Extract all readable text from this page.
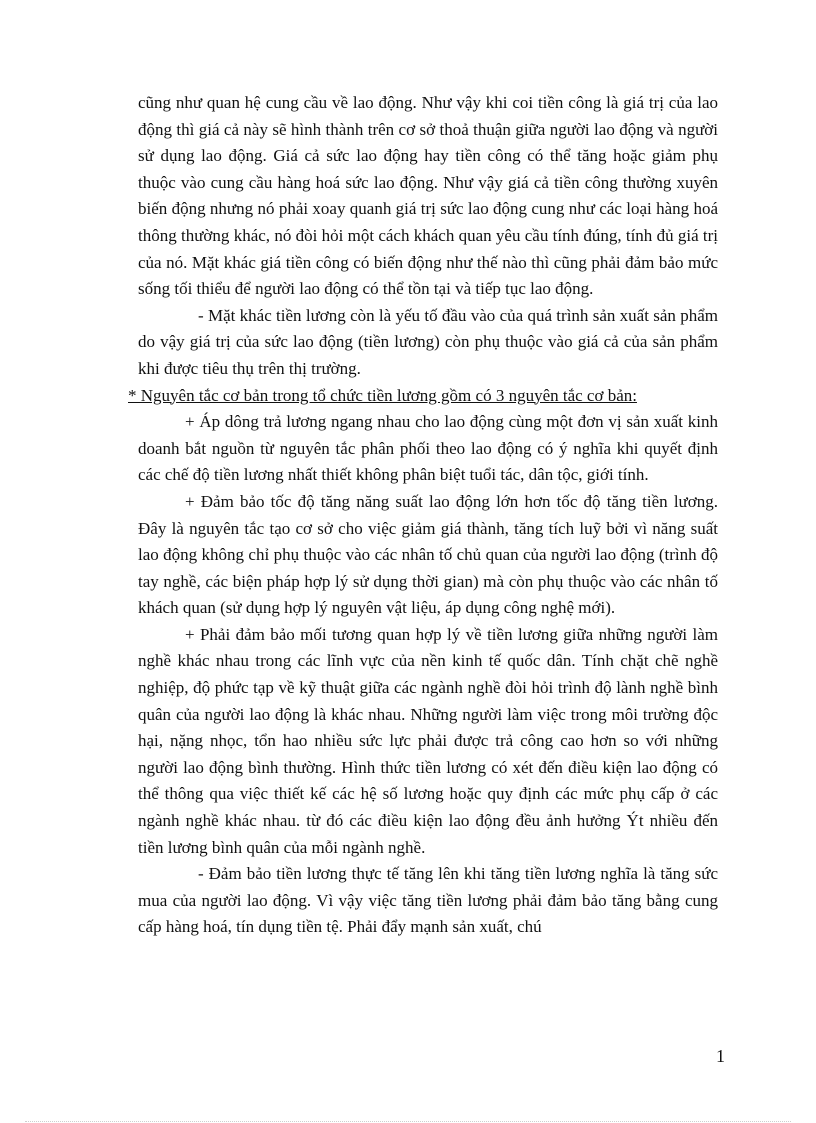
cũng như quan hệ cung cầu về lao động. Như vậy khi coi tiền công là giá trị của lao động thì giá cả này sẽ hình thành trên cơ sở thoả thuận giữa người lao động và người sử dụng lao động. Giá cả sức lao động hay tiền công có thể tăng hoặc giảm phụ thuộc vào cung cầu hàng hoá sức lao động. Như vậy giá cả tiền công thường xuyên biến động nhưng nó phải xoay quanh giá trị sức lao động cung như các loại hàng hoá thông thường khác, nó đòi hỏi một cách khách quan yêu cầu tính đúng, tính đủ giá trị của nó. Mặt khác giá tiền công có biến động như thế nào thì cũng phải đảm bảo mức sống tối thiểu để người lao động có thể tồn tại và tiếp tục lao động.

- Mặt khác tiền lương còn là yếu tố đầu vào của quá trình sản xuất sản phẩm do vậy giá trị của sức lao động (tiền lương) còn phụ thuộc vào giá cả của sản phẩm khi được tiêu thụ trên thị trường.

* Nguyên tắc cơ bản trong tổ chức tiền lương gồm có 3 nguyên tắc cơ bản:

+ Áp dông trả lương ngang nhau cho lao động cùng một đơn vị sản xuất kinh doanh bắt nguồn từ nguyên tắc phân phối theo lao động có ý nghĩa khi quyết định các chế độ tiền lương nhất thiết không phân biệt tuổi tác, dân tộc, giới tính.

+ Đảm bảo tốc độ tăng năng suất lao động lớn hơn tốc độ tăng tiền lương. Đây là nguyên tắc tạo cơ sở cho việc giảm giá thành, tăng tích luỹ bởi vì năng suất lao động không chỉ phụ thuộc vào các nhân tố chủ quan của người lao động (trình độ tay nghề, các biện pháp hợp lý sử dụng thời gian) mà còn phụ thuộc vào các nhân tố khách quan (sử dụng hợp lý nguyên vật liệu, áp dụng công nghệ mới).

+ Phải đảm bảo mối tương quan hợp lý về tiền lương giữa những người làm nghề khác nhau trong các lĩnh vực của nền kinh tế quốc dân. Tính chặt chẽ nghề nghiệp, độ phức tạp về kỹ thuật giữa các ngành nghề đòi hỏi trình độ lành nghề bình quân của người lao động là khác nhau. Những người làm việc trong môi trường độc hại, nặng nhọc, tổn hao nhiều sức lực phải được trả công cao hơn so với những người lao động bình thường. Hình thức tiền lương có xét đến điều kiện lao động có thể thông qua việc thiết kế các hệ số lương hoặc quy định các mức phụ cấp ở các ngành nghề khác nhau. từ đó các điều kiện lao động đều ảnh hưởng Ýt nhiều đến tiền lương bình quân của mỗi ngành nghề.

- Đảm bảo tiền lương thực tế tăng lên khi tăng tiền lương nghĩa là tăng sức mua của người lao động. Vì vậy việc tăng tiền lương phải đảm bảo tăng bằng cung cấp hàng hoá, tín dụng tiền tệ. Phải đẩy mạnh sản xuất, chú

1
